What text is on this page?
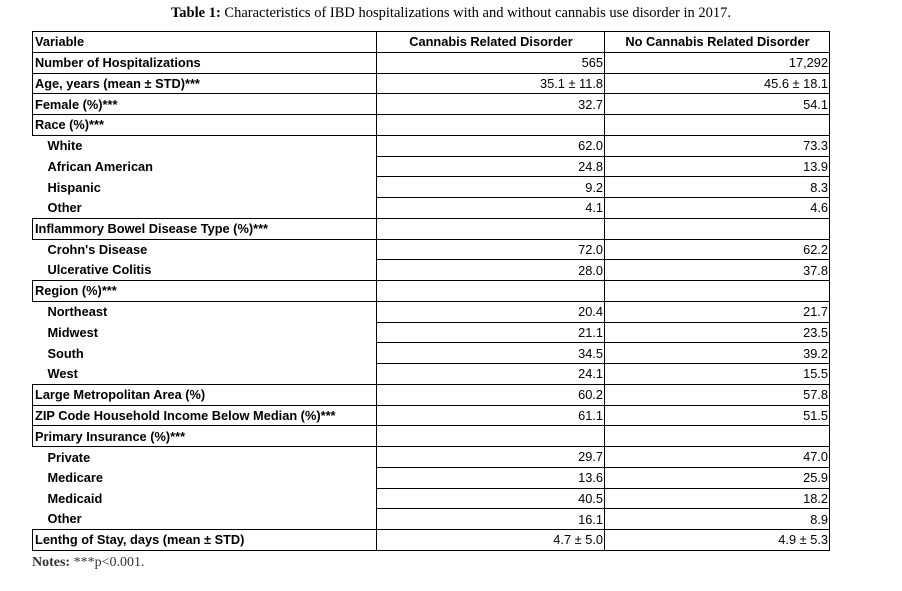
Table 1: Characteristics of IBD hospitalizations with and without cannabis use disorder in 2017.
Variable	Cannabis Related Disorder	No Cannabis Related Disorder
Number of Hospitalizations	565	17,292
Age, years (mean ± STD)***	35.1 ± 11.8	45.6 ± 18.1
Female (%)***	32.7	54.1
Race (%)***		
White	62.0	73.3
African American	24.8	13.9
Hispanic	9.2	8.3
Other	4.1	4.6
Inflammory Bowel Disease Type (%)***		
Crohn's Disease	72.0	62.2
Ulcerative Colitis	28.0	37.8
Region (%)***		
Northeast	20.4	21.7
Midwest	21.1	23.5
South	34.5	39.2
West	24.1	15.5
Large Metropolitan Area (%)	60.2	57.8
ZIP Code Household Income Below Median (%)***	61.1	51.5
Primary Insurance (%)***		
Private	29.7	47.0
Medicare	13.6	25.9
Medicaid	40.5	18.2
Other	16.1	8.9
Lenthg of Stay, days (mean ± STD)	4.7 ± 5.0	4.9 ± 5.3
Notes: ***p<0.001.
